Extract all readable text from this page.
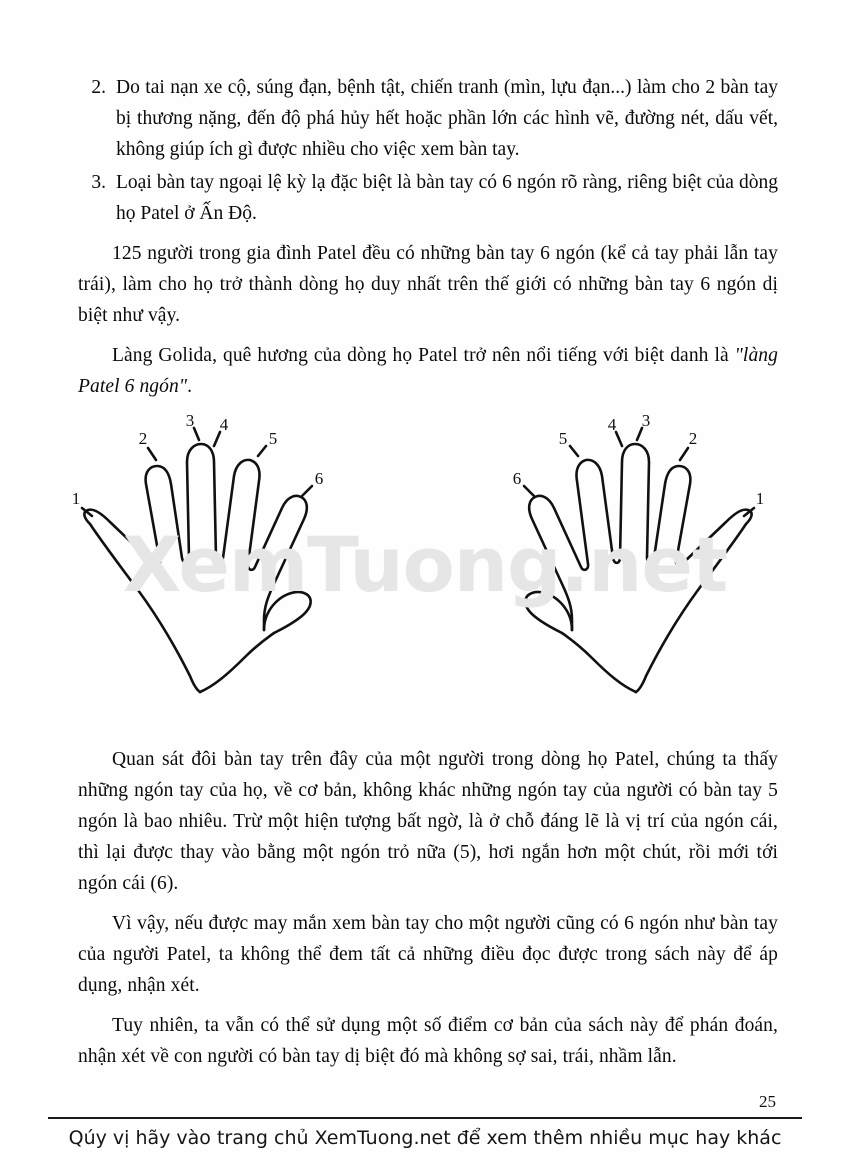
XemTuong.net
2. Do tai nạn xe cộ, súng đạn, bệnh tật, chiến tranh (mìn, lựu đạn...) làm cho 2 bàn tay bị thương nặng, đến độ phá hủy hết hoặc phần lớn các hình vẽ, đường nét, dấu vết, không giúp ích gì được nhiều cho việc xem bàn tay.
3. Loại bàn tay ngoại lệ kỳ lạ đặc biệt là bàn tay có 6 ngón rõ ràng, riêng biệt của dòng họ Patel ở Ấn Độ.

125 người trong gia đình Patel đều có những bàn tay 6 ngón (kể cả tay phải lẫn tay trái), làm cho họ trở thành dòng họ duy nhất trên thế giới có những bàn tay 6 ngón dị biệt như vậy.

Làng Golida, quê hương của dòng họ Patel trở nên nổi tiếng với biệt danh là "làng Patel 6 ngón".

1
2
3 4
5
6
1
2
3
4
5
6

Quan sát đôi bàn tay trên đây của một người trong dòng họ Patel, chúng ta thấy những ngón tay của họ, về cơ bản, không khác những ngón tay của người có bàn tay 5 ngón là bao nhiêu. Trừ một hiện tượng bất ngờ, là ở chỗ đáng lẽ là vị trí của ngón cái, thì lại được thay vào bằng một ngón trỏ nữa (5), hơi ngắn hơn một chút, rồi mới tới ngón cái (6).

Vì vậy, nếu được may mắn xem bàn tay cho một người cũng có 6 ngón như bàn tay của người Patel, ta không thể đem tất cả những điều đọc được trong sách này để áp dụng, nhận xét.

Tuy nhiên, ta vẫn có thể sử dụng một số điểm cơ bản của sách này để phán đoán, nhận xét về con người có bàn tay dị biệt đó mà không sợ sai, trái, nhầm lẫn.

25
Qúy vị hãy vào trang chủ XemTuong.net để xem thêm nhiều mục hay khác
